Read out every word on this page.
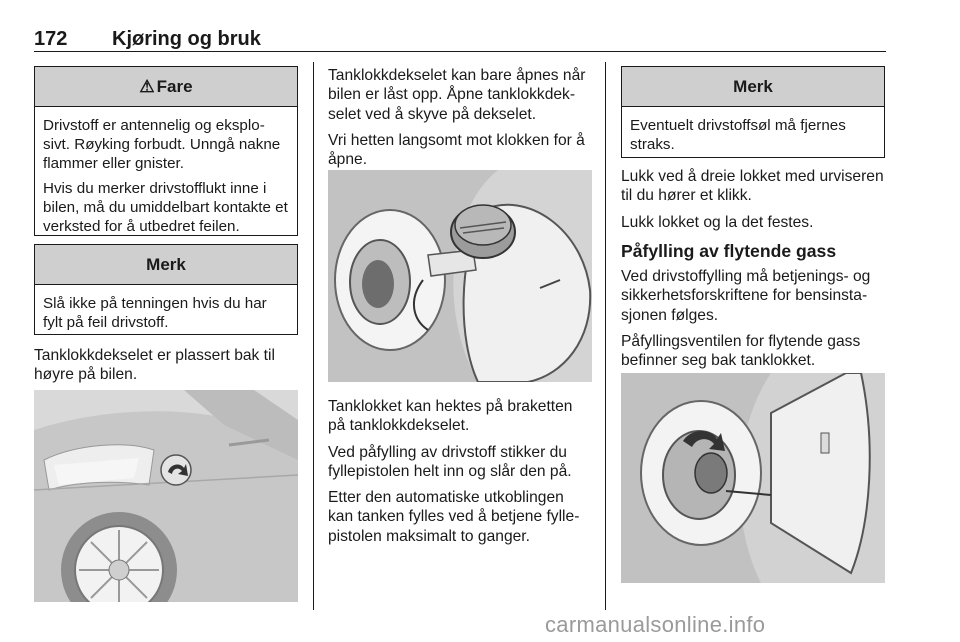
172 Kjøring og bruk
⚠ Fare

Drivstoff er antennelig og eksplo-sivt. Røyking forbudt. Unngå nakne flammer eller gnister.

Hvis du merker drivstofflukt inne i bilen, må du umiddelbart kontakte et verksted for å utbedret feilen.

Merk

Slå ikke på tenningen hvis du har fylt på feil drivstoff.

Tanklokkdekselet er plassert bak til høyre på bilen.

Tanklokkdekselet kan bare åpnes når bilen er låst opp. Åpne tanklokkdek-selet ved å skyve på dekselet.

Vri hetten langsomt mot klokken for å åpne.

Tanklokket kan hektes på braketten på tanklokkdekselet.

Ved påfylling av drivstoff stikker du fyllepistolen helt inn og slår den på.

Etter den automatiske utkoblingen kan tanken fylles ved å betjene fylle-pistolen maksimalt to ganger.

Merk

Eventuelt drivstoffsøl må fjernes straks.

Lukk ved å dreie lokket med urviseren til du hører et klikk.

Lukk lokket og la det festes.

Påfylling av flytende gass

Ved drivstoffylling må betjenings- og sikkerhetsforskriftene for bensinsta-sjonen følges.

Påfyllingsventilen for flytende gass befinner seg bak tanklokket.

carmanualsonline.info
